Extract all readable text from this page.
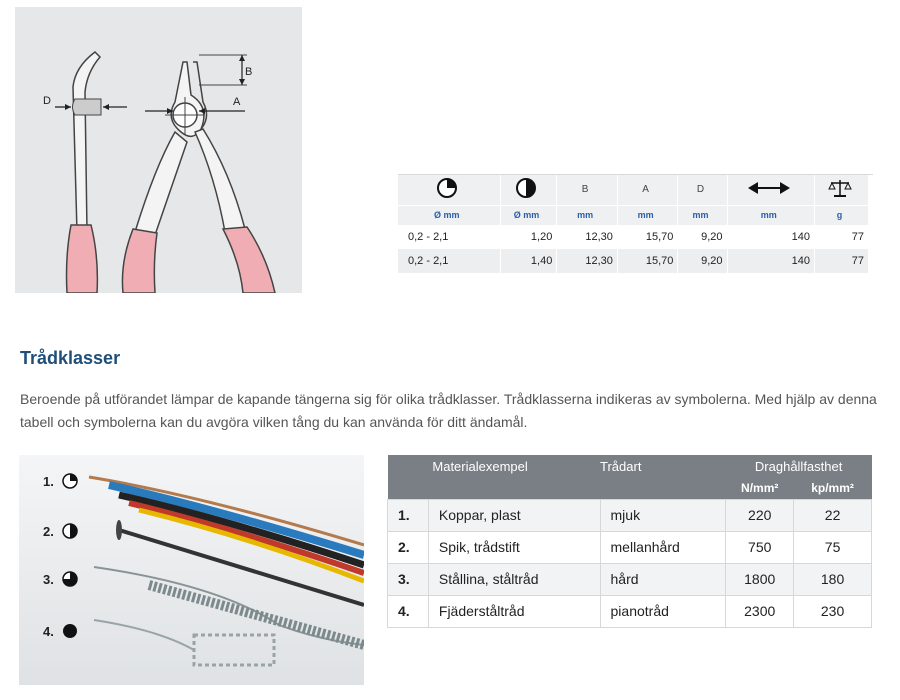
D
B
A
		B	A	D		
Ø mm	Ø mm	mm	mm	mm	mm	g
0,2 - 2,1	1,20	12,30	15,70	9,20	140	77
0,2 - 2,1	1,40	12,30	15,70	9,20	140	77
Trådklasser

Beroende på utförandet lämpar de kapande tängerna sig för olika trådklasser. Trådklasserna indikeras av symbolerna. Med hjälp av denna tabell och symbolerna kan du avgöra vilken tång du kan använda för ditt ändamål.

1.
2.
3.
4.
	Materialexempel	Trådart	Draghållfasthet	
			N/mm²	kp/mm²
1.	Koppar, plast	mjuk	220	22
2.	Spik, trådstift	mellanhård	750	75
3.	Stållina, ståltråd	hård	1800	180
4.	Fjäderståltråd	pianotråd	2300	230
